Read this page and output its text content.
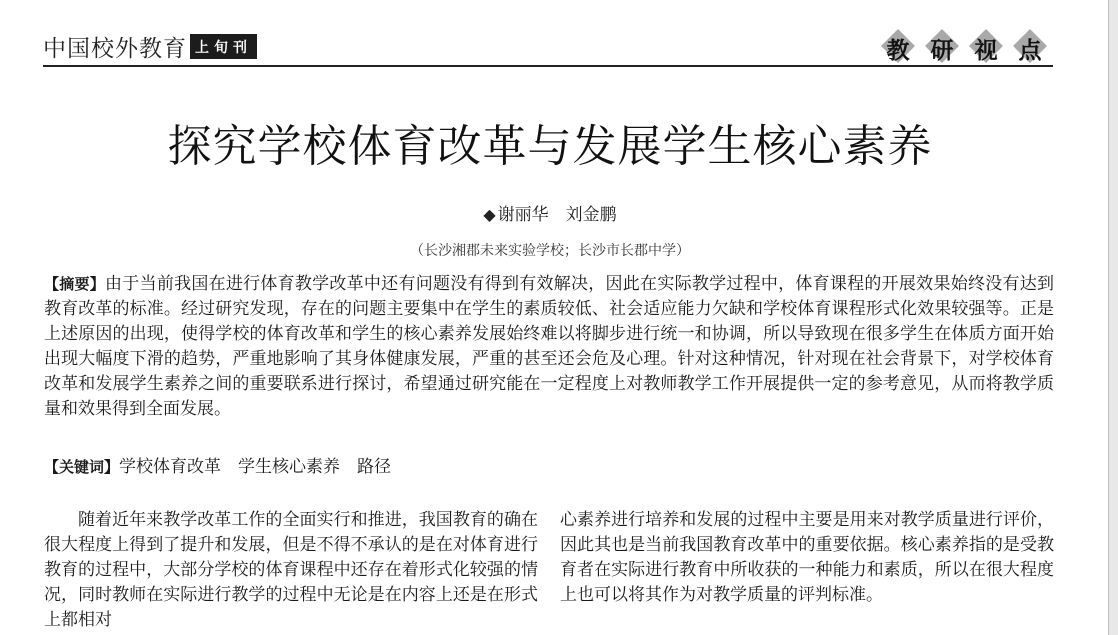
中国校外教育 上旬刊	教 研 视 点
探究学校体育改革与发展学生核心素养
◆ 谢丽华　刘金鹏
（长沙湘郡未来实验学校；长沙市长郡中学）

【摘要】由于当前我国在进行体育教学改革中还有问题没有得到有效解决，因此在实际教学过程中，体育课程的开展效果始终没有达到教育改革的标准。经过研究发现，存在的问题主要集中在学生的素质较低、社会适应能力欠缺和学校体育课程形式化效果较强等。正是上述原因的出现，使得学校的体育改革和学生的核心素养发展始终难以将脚步进行统一和协调，所以导致现在很多学生在体质方面开始出现大幅度下滑的趋势，严重地影响了其身体健康发展，严重的甚至还会危及心理。针对这种情况，针对现在社会背景下，对学校体育改革和发展学生素养之间的重要联系进行探讨，希望通过研究能在一定程度上对教师教学工作开展提供一定的参考意见，从而将教学质量和效果得到全面发展。

【关键词】学校体育改革　学生核心素养　路径

随着近年来教学改革工作的全面实行和推进，我国教育的确在很大程度上得到了提升和发展，但是不得不承认的是在对体育进行教育的过程中，大部分学校的体育课程中还存在着形式化较强的情况，同时教师在实际进行教学的过程中无论是在内容上还是在形式上都相对

心素养进行培养和发展的过程中主要是用来对教学质量进行评价，因此其也是当前我国教育改革中的重要依据。核心素养指的是受教育者在实际进行教育中所收获的一种能力和素质，所以在很大程度上也可以将其作为对教学质量的评判标准。
